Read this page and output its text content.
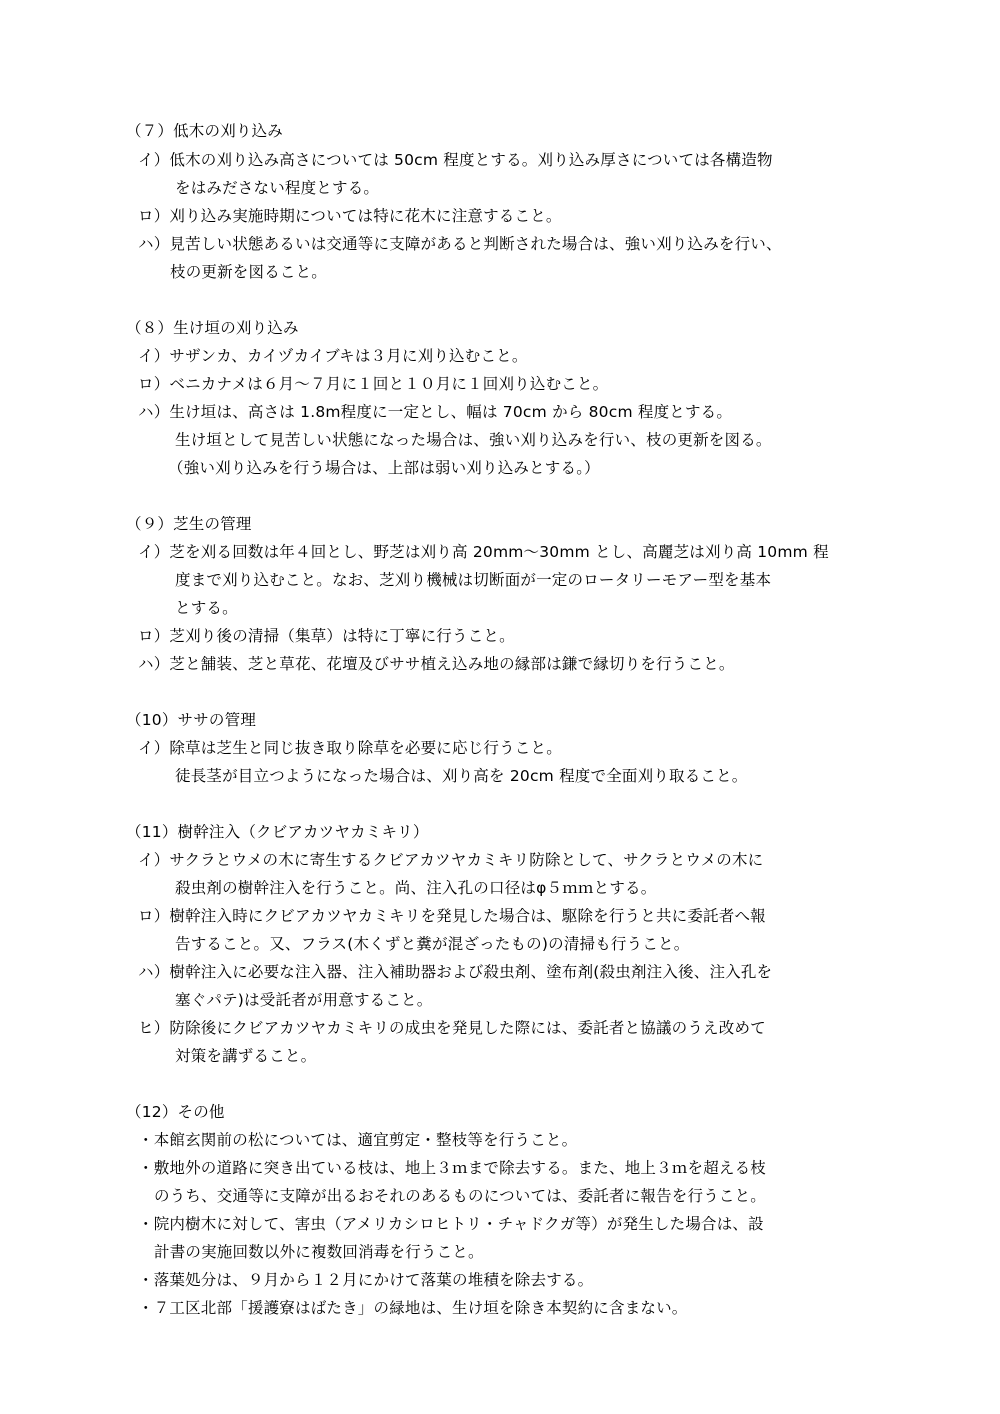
（７）低木の刈り込み
イ）低木の刈り込み高さについては 50cm 程度とする。刈り込み厚さについては各構造物
をはみださない程度とする。
ロ）刈り込み実施時期については特に花木に注意すること。
ハ）見苦しい状態あるいは交通等に支障があると判断された場合は、強い刈り込みを行い、
枝の更新を図ること。
（８）生け垣の刈り込み
イ）サザンカ、カイヅカイブキは３月に刈り込むこと。
ロ）ベニカナメは６月～７月に１回と１０月に１回刈り込むこと。
ハ）生け垣は、高さは 1.8m程度に一定とし、幅は 70cm から 80cm 程度とする。
生け垣として見苦しい状態になった場合は、強い刈り込みを行い、枝の更新を図る。
（強い刈り込みを行う場合は、上部は弱い刈り込みとする。）
（９）芝生の管理
イ）芝を刈る回数は年４回とし、野芝は刈り高 20mm～30mm とし、高麗芝は刈り高 10mm 程
度まで刈り込むこと。なお、芝刈り機械は切断面が一定のロータリーモアー型を基本
とする。
ロ）芝刈り後の清掃（集草）は特に丁寧に行うこと。
ハ）芝と舗装、芝と草花、花壇及びササ植え込み地の縁部は鎌で縁切りを行うこと。
（10）ササの管理
イ）除草は芝生と同じ抜き取り除草を必要に応じ行うこと。
徒長茎が目立つようになった場合は、刈り高を 20cm 程度で全面刈り取ること。
（11）樹幹注入（クビアカツヤカミキリ）
イ）サクラとウメの木に寄生するクビアカツヤカミキリ防除として、サクラとウメの木に
殺虫剤の樹幹注入を行うこと。尚、注入孔の口径はφ５ｍｍとする。
ロ）樹幹注入時にクビアカツヤカミキリを発見した場合は、駆除を行うと共に委託者へ報
告すること。又、フラス(木くずと糞が混ざったもの)の清掃も行うこと。
ハ）樹幹注入に必要な注入器、注入補助器および殺虫剤、塗布剤(殺虫剤注入後、注入孔を
塞ぐパテ)は受託者が用意すること。
ヒ）防除後にクビアカツヤカミキリの成虫を発見した際には、委託者と協議のうえ改めて
対策を講ずること。
（12）その他
・本館玄関前の松については、適宜剪定・整枝等を行うこと。
・敷地外の道路に突き出ている枝は、地上３ｍまで除去する。また、地上３ｍを超える枝
のうち、交通等に支障が出るおそれのあるものについては、委託者に報告を行うこと。
・院内樹木に対して、害虫（アメリカシロヒトリ・チャドクガ等）が発生した場合は、設
計書の実施回数以外に複数回消毒を行うこと。
・落葉処分は、９月から１２月にかけて落葉の堆積を除去する。
・７工区北部「援護寮はばたき」の緑地は、生け垣を除き本契約に含まない。
